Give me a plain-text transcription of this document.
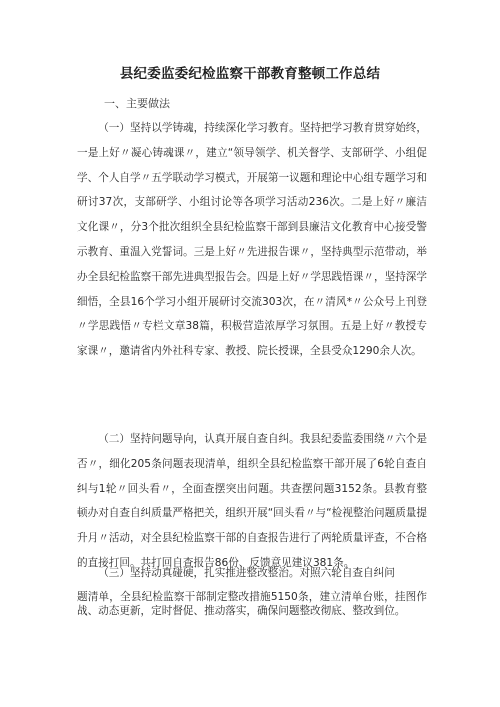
县纪委监委纪检监察干部教育整顿工作总结
一、主要做法

（一）坚持以学铸魂，持续深化学习教育。坚持把学习教育贯穿始终，一是上好〃凝心铸魂课〃，建立“领导领学、机关督学、支部研学、小组促学、个人自学〃五学联动学习模式，开展第一议题和理论中心组专题学习和研讨37次，支部研学、小组讨论等各项学习活动236次。二是上好〃廉洁文化课〃，分3个批次组织全县纪检监察干部到县廉洁文化教育中心接受警示教育、重温入党誓词。三是上好〃先进报告课〃，坚持典型示范带动，举办全县纪检监察干部先进典型报告会。四是上好〃学思践悟课〃，坚持深学细悟，全县16个学习小组开展研讨交流303次，在〃清风*〃公众号上刊登〃学思践悟〃专栏文章38篇，积极营造浓厚学习氛围。五是上好〃教授专家课〃，邀请省内外社科专家、教授、院长授课，全县受众1290余人次。

（二）坚持问题导向，认真开展自查自纠。我县纪委监委围绕〃六个是否〃，细化205条问题表现清单，组织全县纪检监察干部开展了6轮自查自纠与1轮〃回头看〃，全面查摆突出问题。共查摆问题3152条。县教育整顿办对自查自纠质量严格把关，组织开展“回头看〃与“检视整治问题质量提升月〃活动，对全县纪检监察干部的自查报告进行了两轮质量评查，不合格的直接打回。共打回自查报告86份、反馈意见建议381条。

（三）坚持动真碰硬，扎实推进整改整治。对照六轮自查自纠问

题清单，全县纪检监察干部制定整改措施5150条，建立清单台账，挂图作战、动态更新，定时督促、推动落实，确保问题整改彻底、整改到位。
